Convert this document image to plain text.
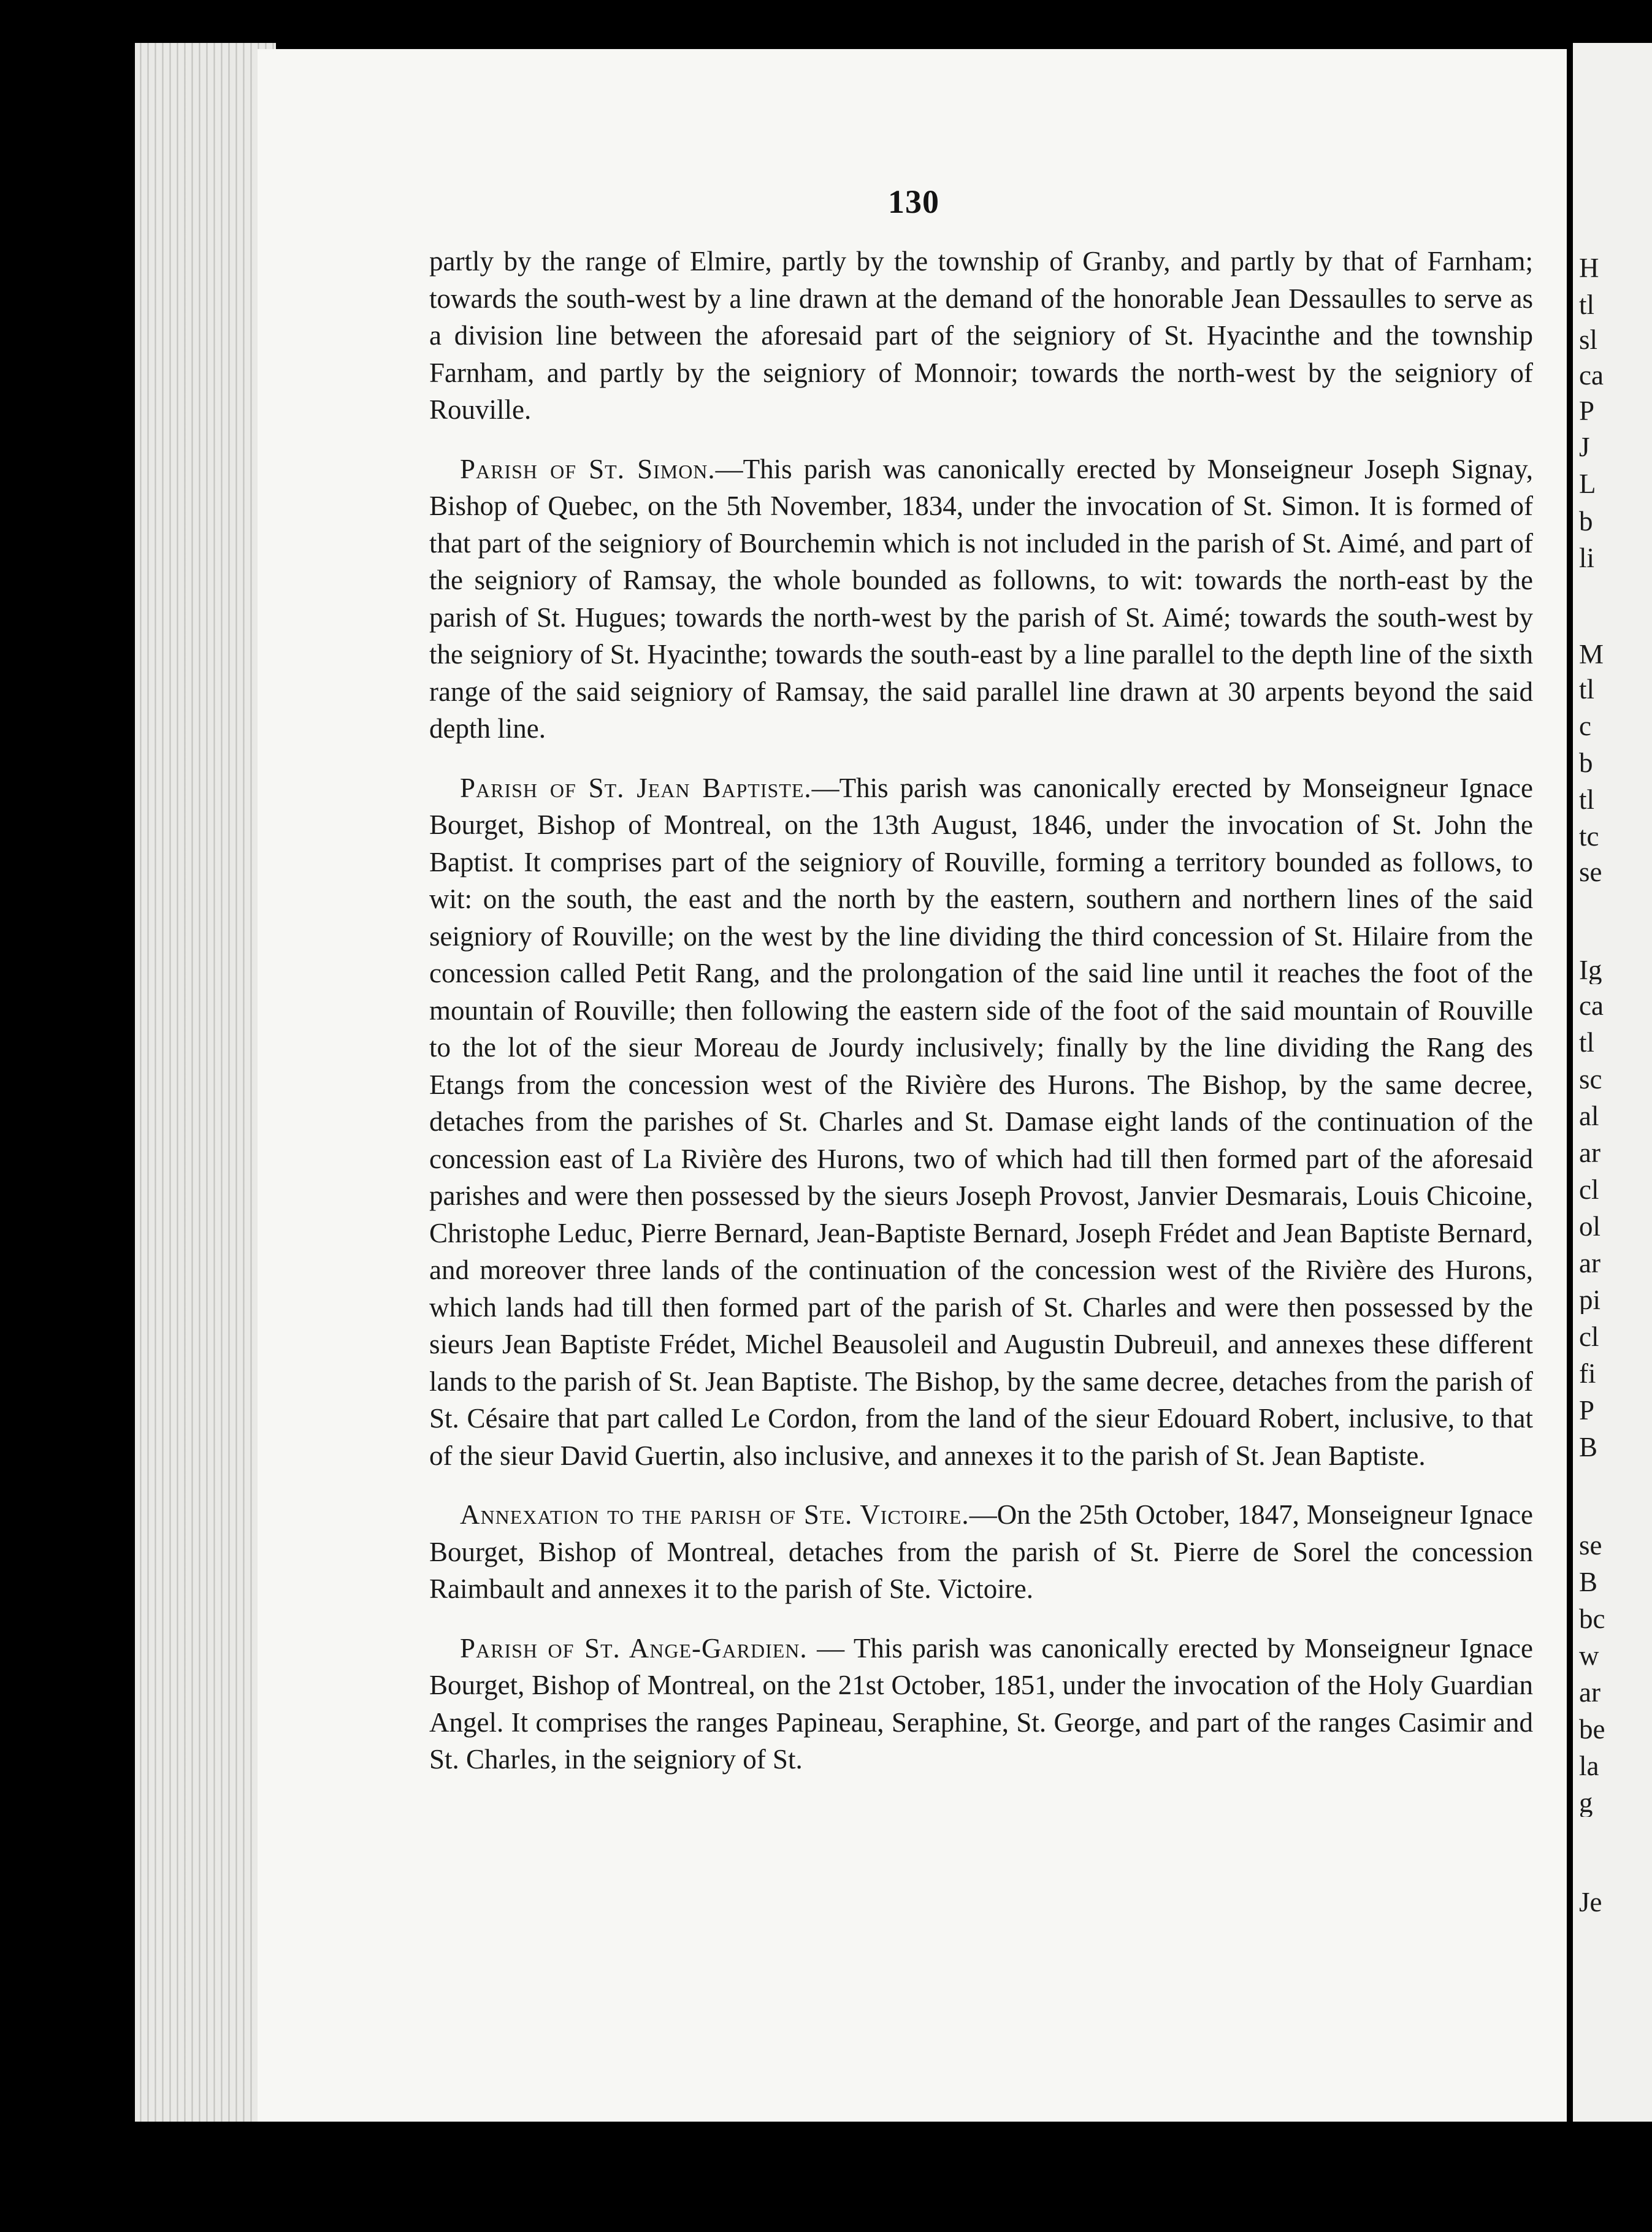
130

partly by the range of Elmire, partly by the township of Granby, and partly by that of Farnham; towards the south-west by a line drawn at the demand of the honorable Jean Dessaulles to serve as a division line between the aforesaid part of the seigniory of St. Hyacinthe and the township Farnham, and partly by the seigniory of Monnoir; towards the north-west by the seigniory of Rouville.

Parish of St. Simon.—This parish was canonically erected by Monseigneur Joseph Signay, Bishop of Quebec, on the 5th November, 1834, under the invocation of St. Simon. It is formed of that part of the seigniory of Bourchemin which is not included in the parish of St. Aimé, and part of the seigniory of Ramsay, the whole bounded as followns, to wit: towards the north-east by the parish of St. Hugues; towards the north-west by the parish of St. Aimé; towards the south-west by the seigniory of St. Hyacinthe; towards the south-east by a line parallel to the depth line of the sixth range of the said seigniory of Ramsay, the said parallel line drawn at 30 arpents beyond the said depth line.

Parish of St. Jean Baptiste.—This parish was canonically erected by Monseigneur Ignace Bourget, Bishop of Montreal, on the 13th August, 1846, under the invocation of St. John the Baptist. It comprises part of the seigniory of Rouville, forming a territory bounded as follows, to wit: on the south, the east and the north by the eastern, southern and northern lines of the said seigniory of Rouville; on the west by the line dividing the third concession of St. Hilaire from the concession called Petit Rang, and the prolongation of the said line until it reaches the foot of the mountain of Rouville; then following the eastern side of the foot of the said mountain of Rouville to the lot of the sieur Moreau de Jourdy inclusively; finally by the line dividing the Rang des Etangs from the concession west of the Rivière des Hurons. The Bishop, by the same decree, detaches from the parishes of St. Charles and St. Damase eight lands of the continuation of the concession east of La Rivière des Hurons, two of which had till then formed part of the aforesaid parishes and were then possessed by the sieurs Joseph Provost, Janvier Desmarais, Louis Chicoine, Christophe Leduc, Pierre Bernard, Jean-Baptiste Bernard, Joseph Frédet and Jean Baptiste Bernard, and moreover three lands of the continuation of the concession west of the Rivière des Hurons, which lands had till then formed part of the parish of St. Charles and were then possessed by the sieurs Jean Baptiste Frédet, Michel Beausoleil and Augustin Dubreuil, and annexes these different lands to the parish of St. Jean Baptiste. The Bishop, by the same decree, detaches from the parish of St. Césaire that part called Le Cordon, from the land of the sieur Edouard Robert, inclusive, to that of the sieur David Guertin, also inclusive, and annexes it to the parish of St. Jean Baptiste.

Annexation to the parish of Ste. Victoire.—On the 25th October, 1847, Monseigneur Ignace Bourget, Bishop of Montreal, detaches from the parish of St. Pierre de Sorel the concession Raimbault and annexes it to the parish of Ste. Victoire.

Parish of St. Ange-Gardien. — This parish was canonically erected by Monseigneur Ignace Bourget, Bishop of Montreal, on the 21st October, 1851, under the invocation of the Holy Guardian Angel. It comprises the ranges Papineau, Seraphine, St. George, and part of the ranges Casimir and St. Charles, in the seigniory of St.

H
tl
sl
ca
P
J
L
b
li
M
tl
c
b
tl
tc
se
Ig
ca
tl
sc
al
ar
cl
ol
ar
pi
cl
fi
P
B
se
B
bc
w
ar
be
la
g
Je
